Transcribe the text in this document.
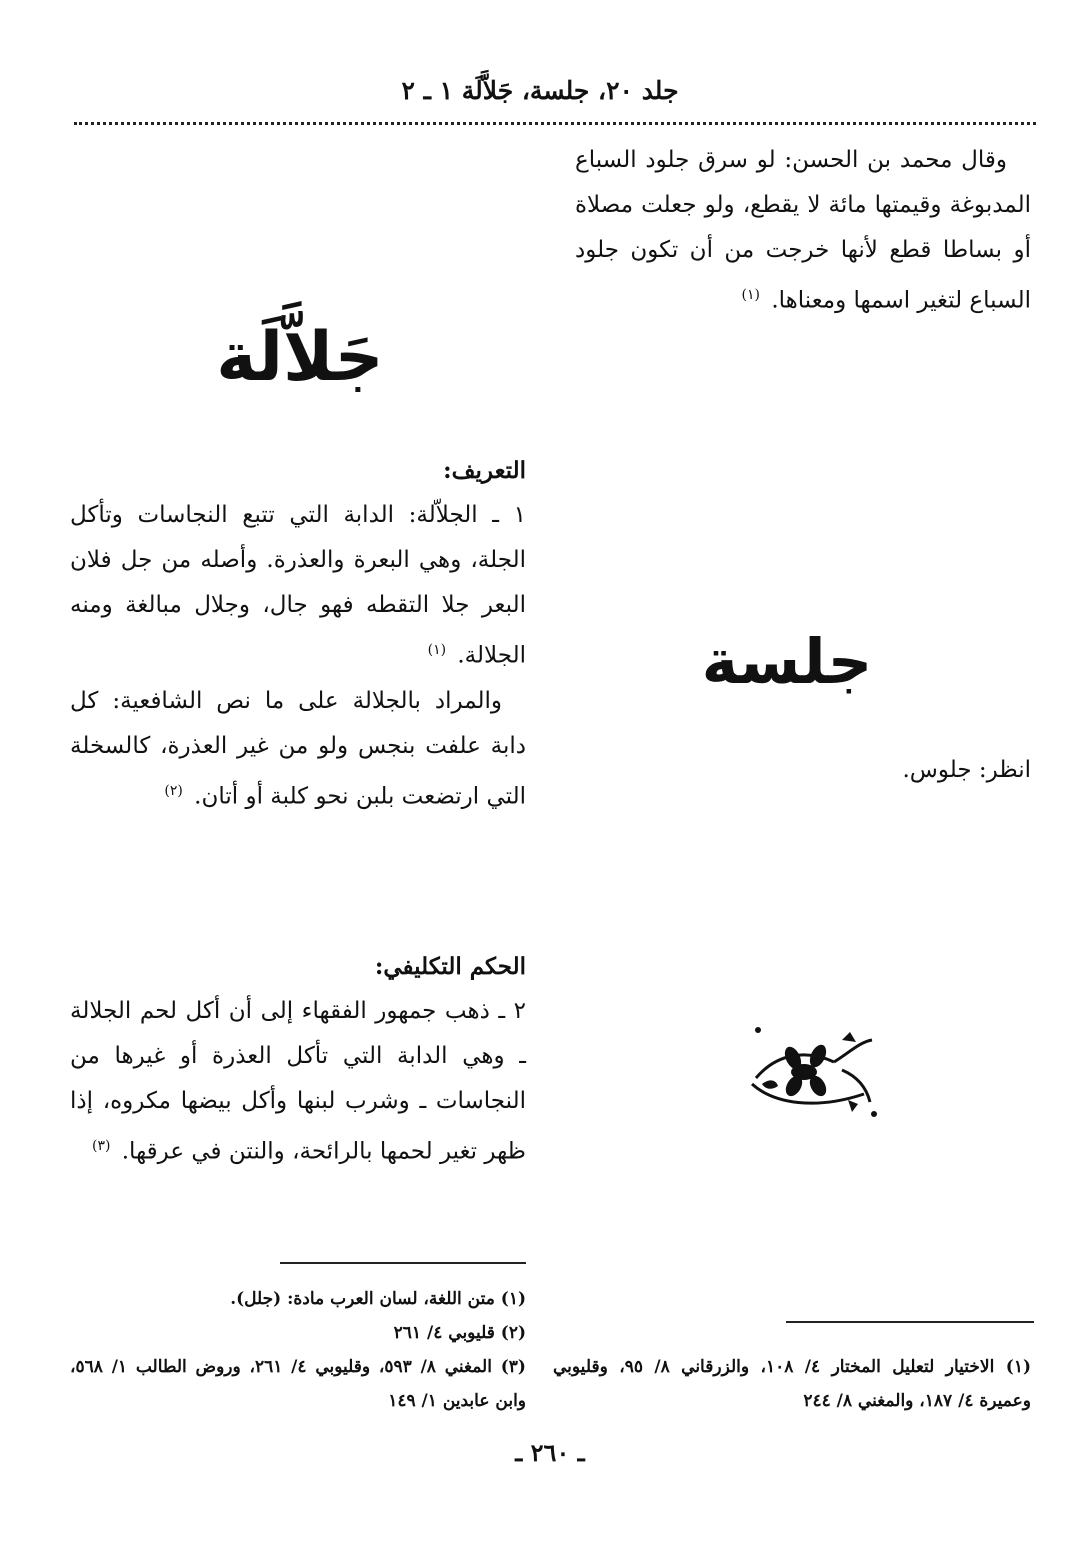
جلد ٢٠، جلسة، جَلاَّلَة ١ ـ ٢

وقال محمد بن الحسن: لو سرق جلود السباع المدبوغة وقيمتها مائة لا يقطع، ولو جعلت مصلاة أو بساطا قطع لأنها خرجت من أن تكون جلود السباع لتغير اسمها ومعناها. $^{(١)}$

جلسة

انظر: جلوس.

(١) الاختيار لتعليل المختار ٤/ ١٠٨، والزرقاني ٨/ ٩٥، وقليوبي وعميرة ٤/ ١٨٧، والمغني ٨/ ٢٤٤

جَلاَّلَة

التعريف:

١ ـ الجلاّلة: الدابة التي تتبع النجاسات وتأكل الجلة، وهي البعرة والعذرة. وأصله من جل فلان البعر جلا التقطه فهو جال، وجلال مبالغة ومنه الجلالة. $^{(١)}$

والمراد بالجلالة على ما نص الشافعية: كل دابة علفت بنجس ولو من غير العذرة، كالسخلة التي ارتضعت بلبن نحو كلبة أو أتان. $^{(٢)}$

الحكم التكليفي:

٢ ـ ذهب جمهور الفقهاء إلى أن أكل لحم الجلالة ـ وهي الدابة التي تأكل العذرة أو غيرها من النجاسات ـ وشرب لبنها وأكل بيضها مكروه، إذا ظهر تغير لحمها بالرائحة، والنتن في عرقها. $^{(٣)}$

(١) متن اللغة، لسان العرب مادة: (جلل).

(٢) قليوبي ٤/ ٢٦١

(٣) المغني ٨/ ٥٩٣، وقليوبي ٤/ ٢٦١، وروض الطالب ١/ ٥٦٨، وابن عابدين ١/ ١٤٩

ـ ٢٦٠ ـ
